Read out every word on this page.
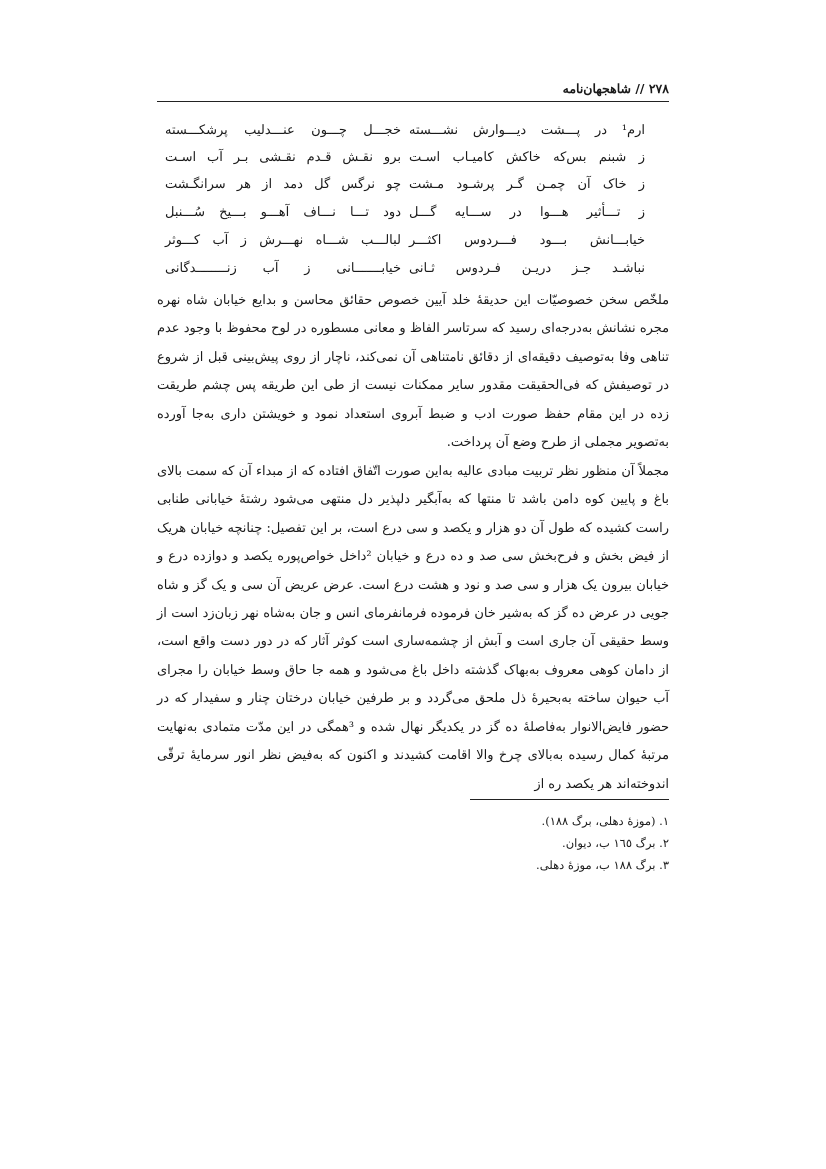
۲۷۸ // شاهجهان‌نامه
ارم¹ در پـــشت دیـــوارش نشـــسته
خجـــل چـــون عنـــدلیب پرشکـــسته
ز شبنم بس‌که خاکش کامیـاب اسـت
برو نقـش قـدم نقـشی بـر آب اسـت
ز خاک آن چمـن گـر پرشـود مـشت
چو نرگس گل دمد از هر سرانگـشت
ز تـــأثیر هـــوا در ســـایه گـــل
دود تـــا نـــاف آهـــو بـــیخ سُـــنبل
خیابـــانش بـــود فـــردوس اکثـــر
لبالـــب شـــاه نهـــرش ز آب کـــوثر
نباشـد جـز دریـن فـردوس ثـانی
خیابـــــــانی ز آب زنــــــــدگانی

ملخّص سخن خصوصیّات این حدیقهٔ خلد آیین خصوص حقائق محاسن و بدایع خیابان شاه نهره مجره نشانش به‌درجه‌ای رسید که سرتاسر الفاظ و معانی مسطوره در لوح محفوظ با وجود عدم تناهی وفا به‌توصیف دقیقه‌ای از دقائق نامتناهی آن نمی‌کند، ناچار از روی پیش‌بینی قبل از شروع در توصیفش که فی‌الحقیقت مقدور سایر ممکنات نیست از طی این طریقه پس چشم طریقت زده در این مقام حفظ صورت ادب و ضبط آبروی استعداد نمود و خویشتن داری به‌جا آورده به‌تصویر مجملی از طرح وضع آن پرداخت.

مجملاً آن منظور نظر تربیت مبادی عالیه به‌این صورت اتّفاق افتاده که از مبداء آن که سمت بالای باغ و پایین کوه دامن باشد تا منتها که به‌آبگیر دلپذیر دل منتهی می‌شود رشتهٔ خیابانی طنابی راست کشیده که طول آن دو هزار و یکصد و سی درع است، بر این تفصیل: چنانچه خیابان هریک از فیض بخش و فرح‌بخش سی صد و ده درع و خیابان ²داخل خواص‌پوره یکصد و دوازده درع و خیابان بیرون یک هزار و سی صد و نود و هشت درع است. عرض عریض آن سی و یک گز و شاه جویی در عرض ده گز که به‌شیر خان فرموده فرمانفرمای انس و جان به‌شاه نهر زبان‌زد است از وسط حقیقی آن جاری است و آبش از چشمه‌ساری است کوثر آثار که در دور دست واقع است، از دامان کوهی معروف به‌بهاک گذشته داخل باغ می‌شود و همه جا حاق وسط خیابان را مجرای آب حیوان ساخته به‌بحیرهٔ ذل ملحق می‌گردد و بر طرفین خیابان درختان چنار و سفیدار که در حضور فایض‌الانوار به‌فاصلهٔ ده گز در یکدیگر نهال شده و ³همگی در این مدّت متمادی به‌نهایت مرتبهٔ کمال رسیده به‌بالای چرخ والا اقامت کشیدند و اکنون که به‌فیض نظر انور سرمایهٔ ترقّی اندوخته‌اند هر یکصد ره از

۱. (موزهٔ دهلی، برگ ۱۸۸).
۲. برگ ١٦٥ ب، دیوان.
۳. برگ ۱۸۸ ب، موزهٔ دهلی.
